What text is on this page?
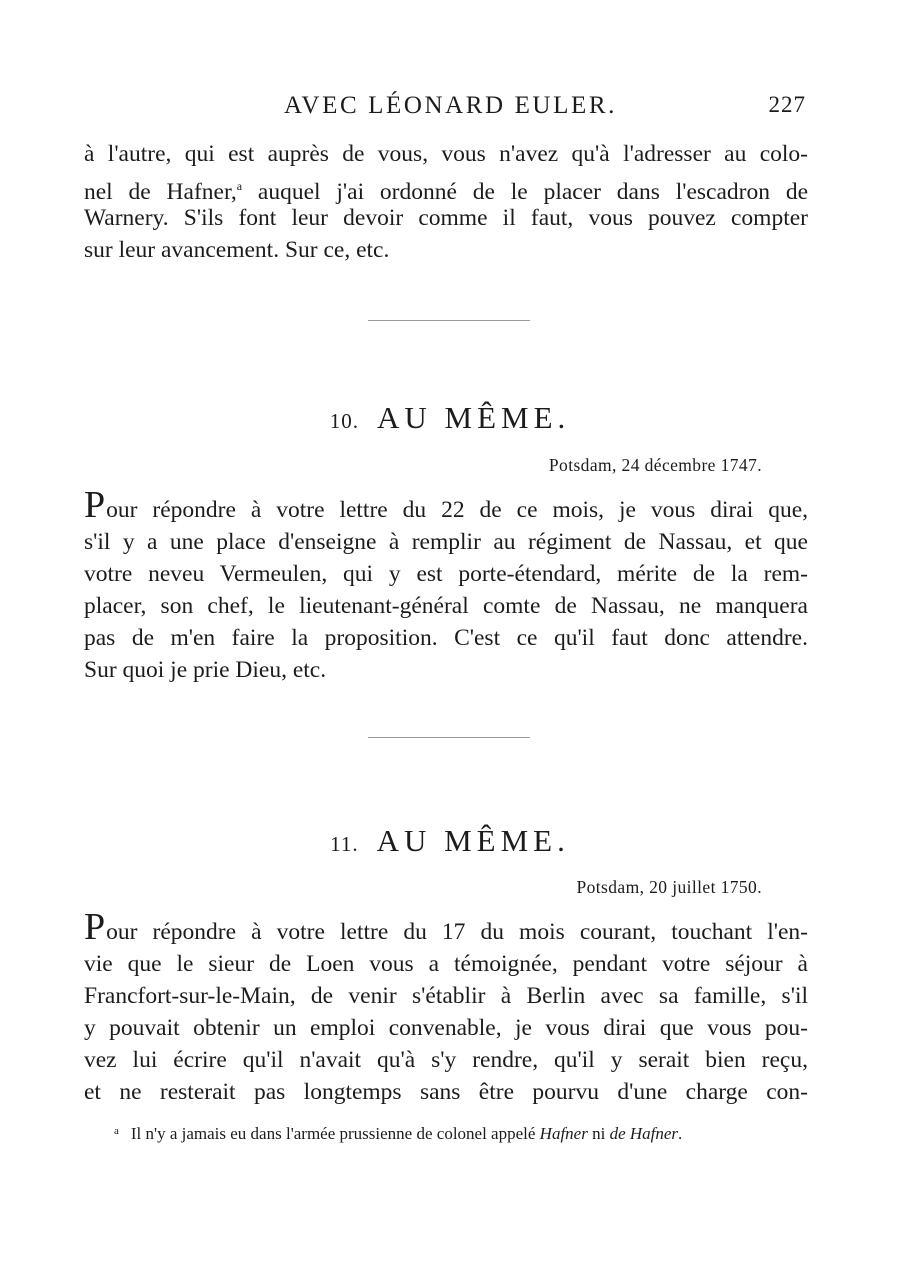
AVEC LÉONARD EULER.	227
à l'autre, qui est auprès de vous, vous n'avez qu'à l'adresser au colo-
nel de Hafner,$^a$ auquel j'ai ordonné de le placer dans l'escadron de
Warnery. S'ils font leur devoir comme il faut, vous pouvez compter
sur leur avancement. Sur ce, etc.
10. AU MÊME.
Potsdam, 24 décembre 1747.
Pour répondre à votre lettre du 22 de ce mois, je vous dirai que,
s'il y a une place d'enseigne à remplir au régiment de Nassau, et que
votre neveu Vermeulen, qui y est porte-étendard, mérite de la rem-
placer, son chef, le lieutenant-général comte de Nassau, ne manquera
pas de m'en faire la proposition. C'est ce qu'il faut donc attendre.
Sur quoi je prie Dieu, etc.
11. AU MÊME.
Potsdam, 20 juillet 1750.
Pour répondre à votre lettre du 17 du mois courant, touchant l'en-
vie que le sieur de Loen vous a témoignée, pendant votre séjour à
Francfort-sur-le-Main, de venir s'établir à Berlin avec sa famille, s'il
y pouvait obtenir un emploi convenable, je vous dirai que vous pou-
vez lui écrire qu'il n'avait qu'à s'y rendre, qu'il y serait bien reçu,
et ne resterait pas longtemps sans être pourvu d'une charge con-
$^a$ Il n'y a jamais eu dans l'armée prussienne de colonel appelé Hafner ni de Hafner.
